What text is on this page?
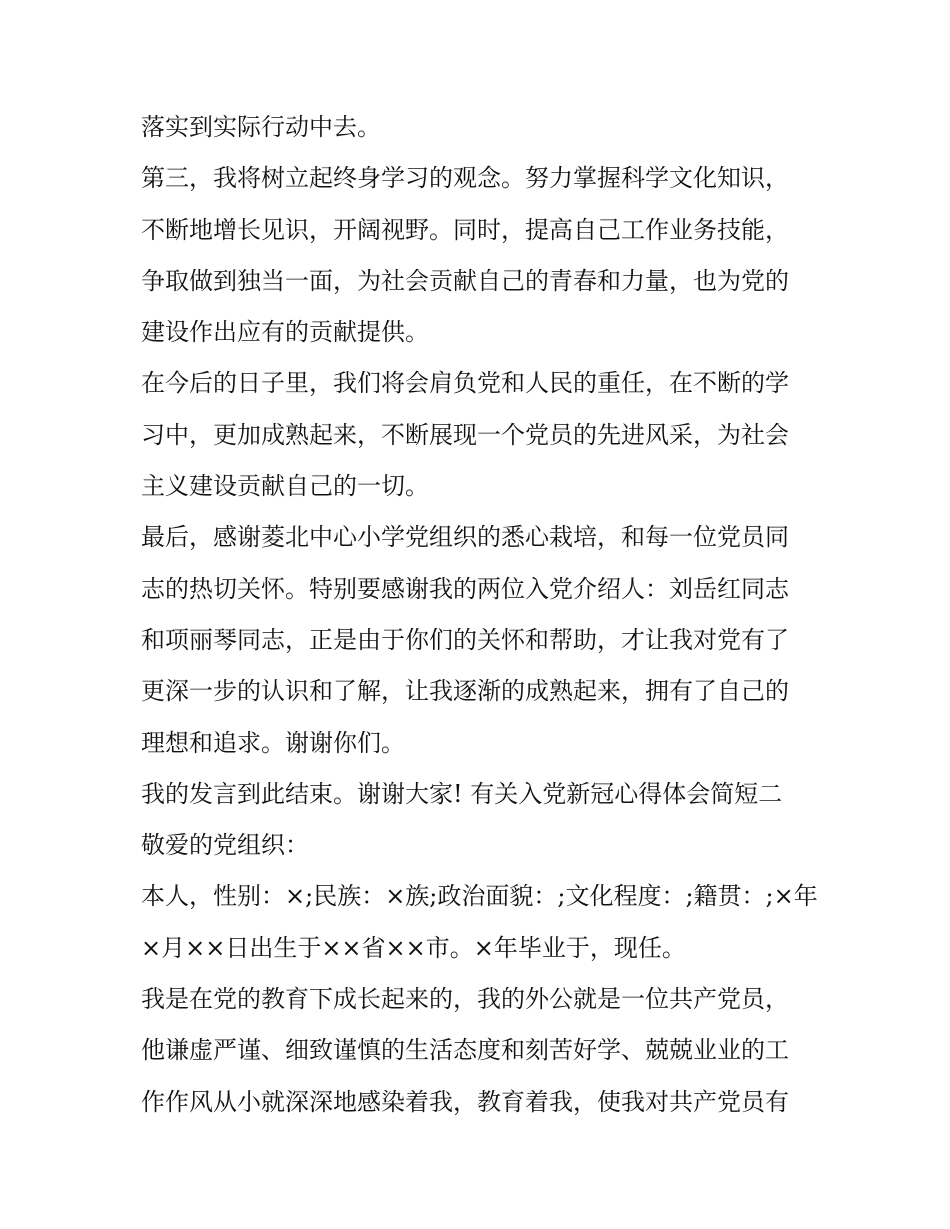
落实到实际行动中去。
第三，我将树立起终身学习的观念。努力掌握科学文化知识，
不断地增长见识，开阔视野。同时，提高自己工作业务技能，
争取做到独当一面，为社会贡献自己的青春和力量，也为党的
建设作出应有的贡献提供。
在今后的日子里，我们将会肩负党和人民的重任，在不断的学
习中，更加成熟起来，不断展现一个党员的先进风采，为社会
主义建设贡献自己的一切。
最后，感谢菱北中心小学党组织的悉心栽培，和每一位党员同
志的热切关怀。特别要感谢我的两位入党介绍人：刘岳红同志
和项丽琴同志，正是由于你们的关怀和帮助，才让我对党有了
更深一步的认识和了解，让我逐渐的成熟起来，拥有了自己的
理想和追求。谢谢你们。
我的发言到此结束。谢谢大家! 有关入党新冠心得体会简短二
敬爱的党组织：
本人，性别：×;民族：×族;政治面貌：;文化程度：;籍贯：;×年
×月××日出生于××省××市。×年毕业于，现任。
我是在党的教育下成长起来的，我的外公就是一位共产党员，
他谦虚严谨、细致谨慎的生活态度和刻苦好学、兢兢业业的工
作作风从小就深深地感染着我，教育着我，使我对共产党员有
